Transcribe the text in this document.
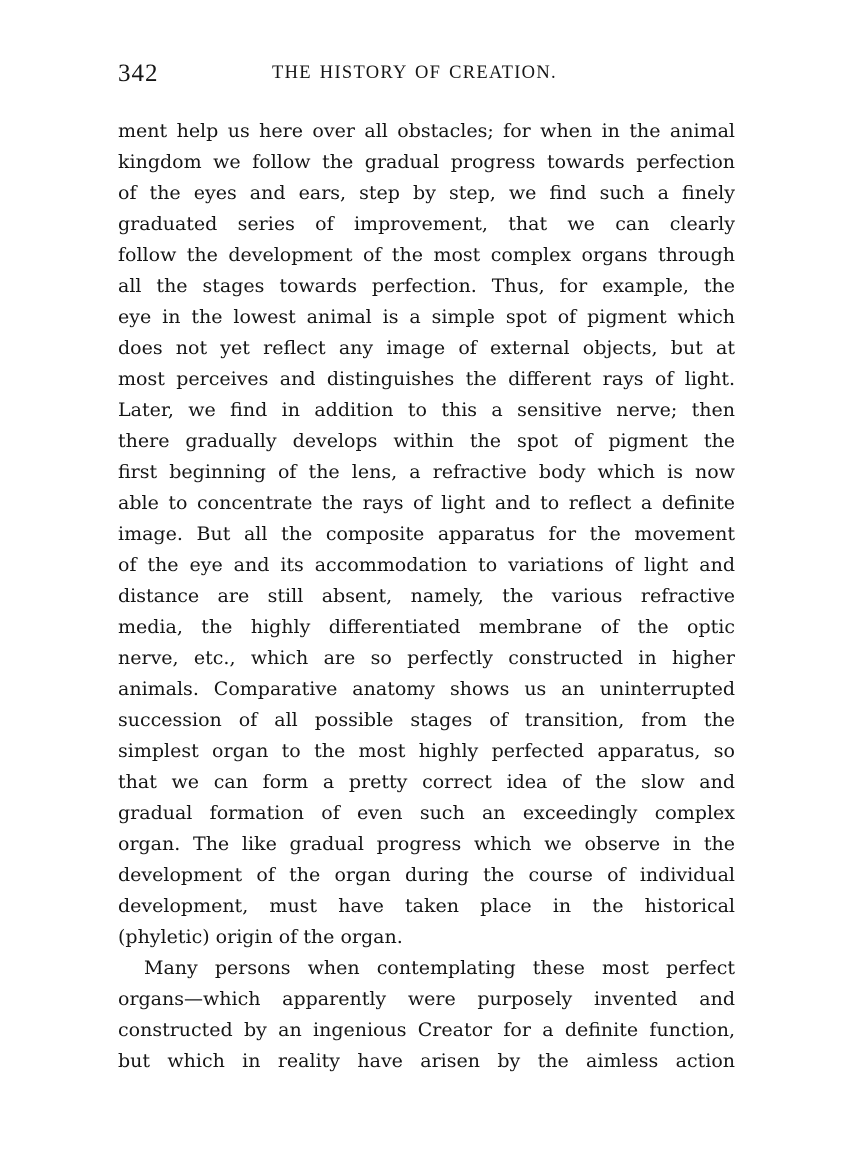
342	THE HISTORY OF CREATION.
ment help us here over all obstacles; for when in the animal
kingdom we follow the gradual progress towards perfection
of the eyes and ears, step by step, we find such a finely
graduated series of improvement, that we can clearly
follow the development of the most complex organs through
all the stages towards perfection. Thus, for example, the
eye in the lowest animal is a simple spot of pigment which
does not yet reflect any image of external objects, but at
most perceives and distinguishes the different rays of light.
Later, we find in addition to this a sensitive nerve; then
there gradually develops within the spot of pigment the
first beginning of the lens, a refractive body which is now
able to concentrate the rays of light and to reflect a definite
image. But all the composite apparatus for the movement
of the eye and its accommodation to variations of light and
distance are still absent, namely, the various refractive
media, the highly differentiated membrane of the optic
nerve, etc., which are so perfectly constructed in higher
animals. Comparative anatomy shows us an uninterrupted
succession of all possible stages of transition, from the
simplest organ to the most highly perfected apparatus, so
that we can form a pretty correct idea of the slow and
gradual formation of even such an exceedingly complex
organ. The like gradual progress which we observe in the
development of the organ during the course of individual
development, must have taken place in the historical
(phyletic) origin of the organ.
Many persons when contemplating these most perfect
organs—which apparently were purposely invented and
constructed by an ingenious Creator for a definite function,
but which in reality have arisen by the aimless action
